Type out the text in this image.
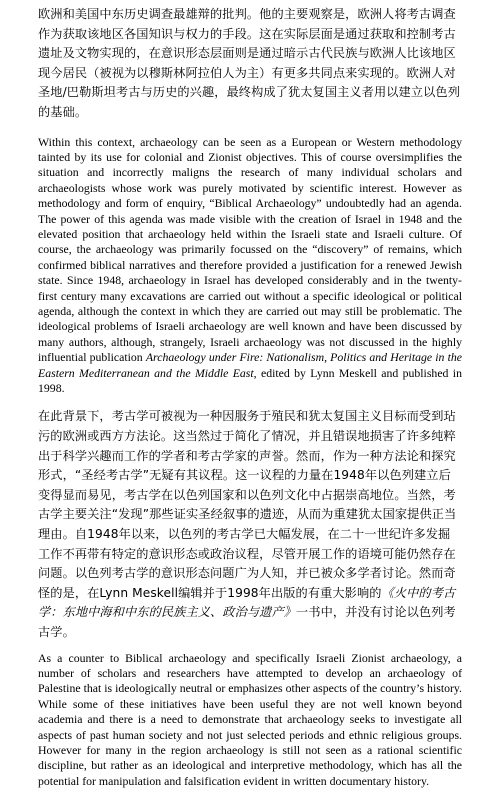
欧洲和美国中东历史调查最雄辩的批判。他的主要观察是，欧洲人将考古调查作为获取该地区各国知识与权力的手段。这在实际层面是通过获取和控制考古遗址及文物实现的，在意识形态层面则是通过暗示古代民族与欧洲人比该地区现今居民（被视为以穆斯林阿拉伯人为主）有更多共同点来实现的。欧洲人对圣地/巴勒斯坦考古与历史的兴趣，最终构成了犹太复国主义者用以建立以色列的基础。

Within this context, archaeology can be seen as a European or Western methodology tainted by its use for colonial and Zionist objectives. This of course oversimplifies the situation and incorrectly maligns the research of many individual scholars and archaeologists whose work was purely motivated by scientific interest. However as methodology and form of enquiry, “Biblical Archaeology” undoubtedly had an agenda. The power of this agenda was made visible with the creation of Israel in 1948 and the elevated position that archaeology held within the Israeli state and Israeli culture. Of course, the archaeology was primarily focussed on the “discovery” of remains, which confirmed biblical narratives and therefore provided a justification for a renewed Jewish state. Since 1948, archaeology in Israel has developed considerably and in the twenty-first century many excavations are carried out without a specific ideological or political agenda, although the context in which they are carried out may still be problematic. The ideological problems of Israeli archaeology are well known and have been discussed by many authors, although, strangely, Israeli archaeology was not discussed in the highly influential publication Archaeology under Fire: Nationalism, Politics and Heritage in the Eastern Mediterranean and the Middle East, edited by Lynn Meskell and published in 1998.

在此背景下，考古学可被视为一种因服务于殖民和犹太复国主义目标而受到玷污的欧洲或西方方法论。这当然过于简化了情况，并且错误地损害了许多纯粹出于科学兴趣而工作的学者和考古学家的声誉。然而，作为一种方法论和探究形式，“圣经考古学”无疑有其议程。这一议程的力量在1948年以色列建立后变得显而易见，考古学在以色列国家和以色列文化中占据崇高地位。当然，考古学主要关注“发现”那些证实圣经叙事的遗迹，从而为重建犹太国家提供正当理由。自1948年以来，以色列的考古学已大幅发展，在二十一世纪许多发掘工作不再带有特定的意识形态或政治议程，尽管开展工作的语境可能仍然存在问题。以色列考古学的意识形态问题广为人知，并已被众多学者讨论。然而奇怪的是，在Lynn Meskell编辑并于1998年出版的有重大影响的《火中的考古学：东地中海和中东的民族主义、政治与遗产》一书中，并没有讨论以色列考古学。

As a counter to Biblical archaeology and specifically Israeli Zionist archaeology, a number of scholars and researchers have attempted to develop an archaeology of Palestine that is ideologically neutral or emphasizes other aspects of the country’s history. While some of these initiatives have been useful they are not well known beyond academia and there is a need to demonstrate that archaeology seeks to investigate all aspects of past human society and not just selected periods and ethnic religious groups. However for many in the region archaeology is still not seen as a rational scientific discipline, but rather as an ideological and interpretive methodology, which has all the potential for manipulation and falsification evident in written documentary history.
